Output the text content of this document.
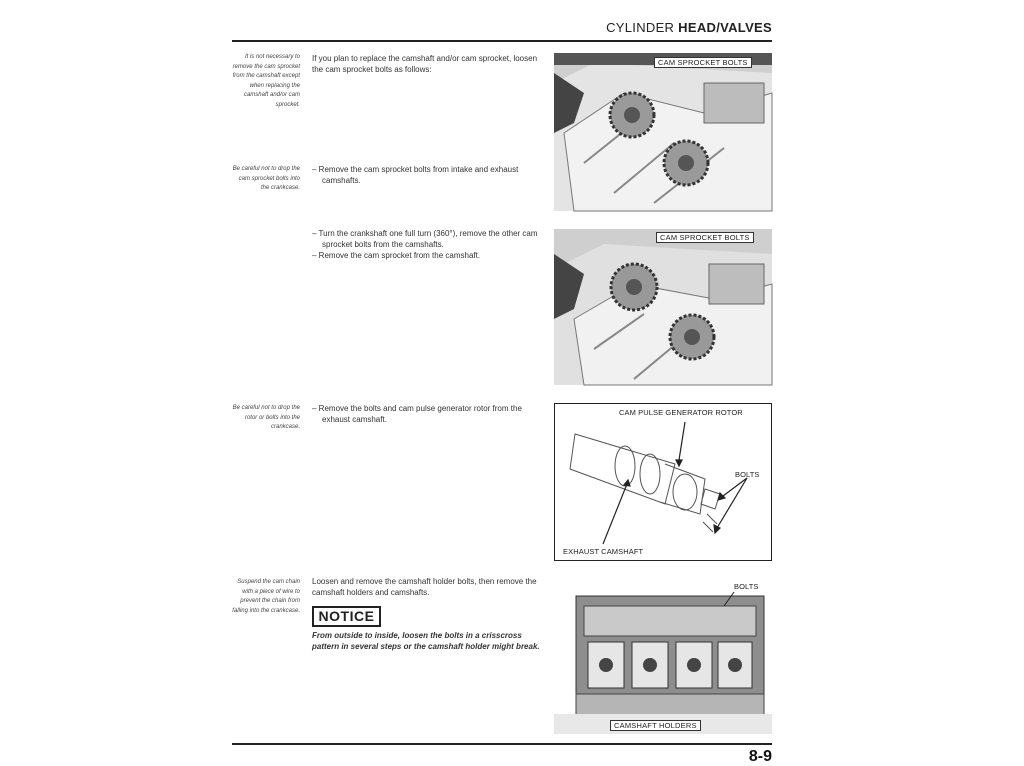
CYLINDER HEAD/VALVES
It is not necessary to remove the cam sprocket from the camshaft except when replacing the camshaft and/or cam sprocket.
Be careful not to drop the cam sprocket bolts into the crankcase.
Be careful not to drop the rotor or bolts into the crankcase.
Suspend the cam chain with a piece of wire to prevent the chain from falling into the crankcase.
If you plan to replace the camshaft and/or cam sprocket, loosen the cam sprocket bolts as follows:
– Remove the cam sprocket bolts from intake and exhaust camshafts.
– Turn the crankshaft one full turn (360°), remove the other cam sprocket bolts from the camshafts.
– Remove the cam sprocket from the camshaft.
– Remove the bolts and cam pulse generator rotor from the exhaust camshaft.
Loosen and remove the camshaft holder bolts, then remove the camshaft holders and camshafts.
NOTICE
From outside to inside, loosen the bolts in a crisscross pattern in several steps or the camshaft holder might break.
CAM SPROCKET BOLTS
CAM SPROCKET BOLTS
CAM PULSE GENERATOR ROTOR
BOLTS
EXHAUST CAMSHAFT
BOLTS
CAMSHAFT HOLDERS
8-9
